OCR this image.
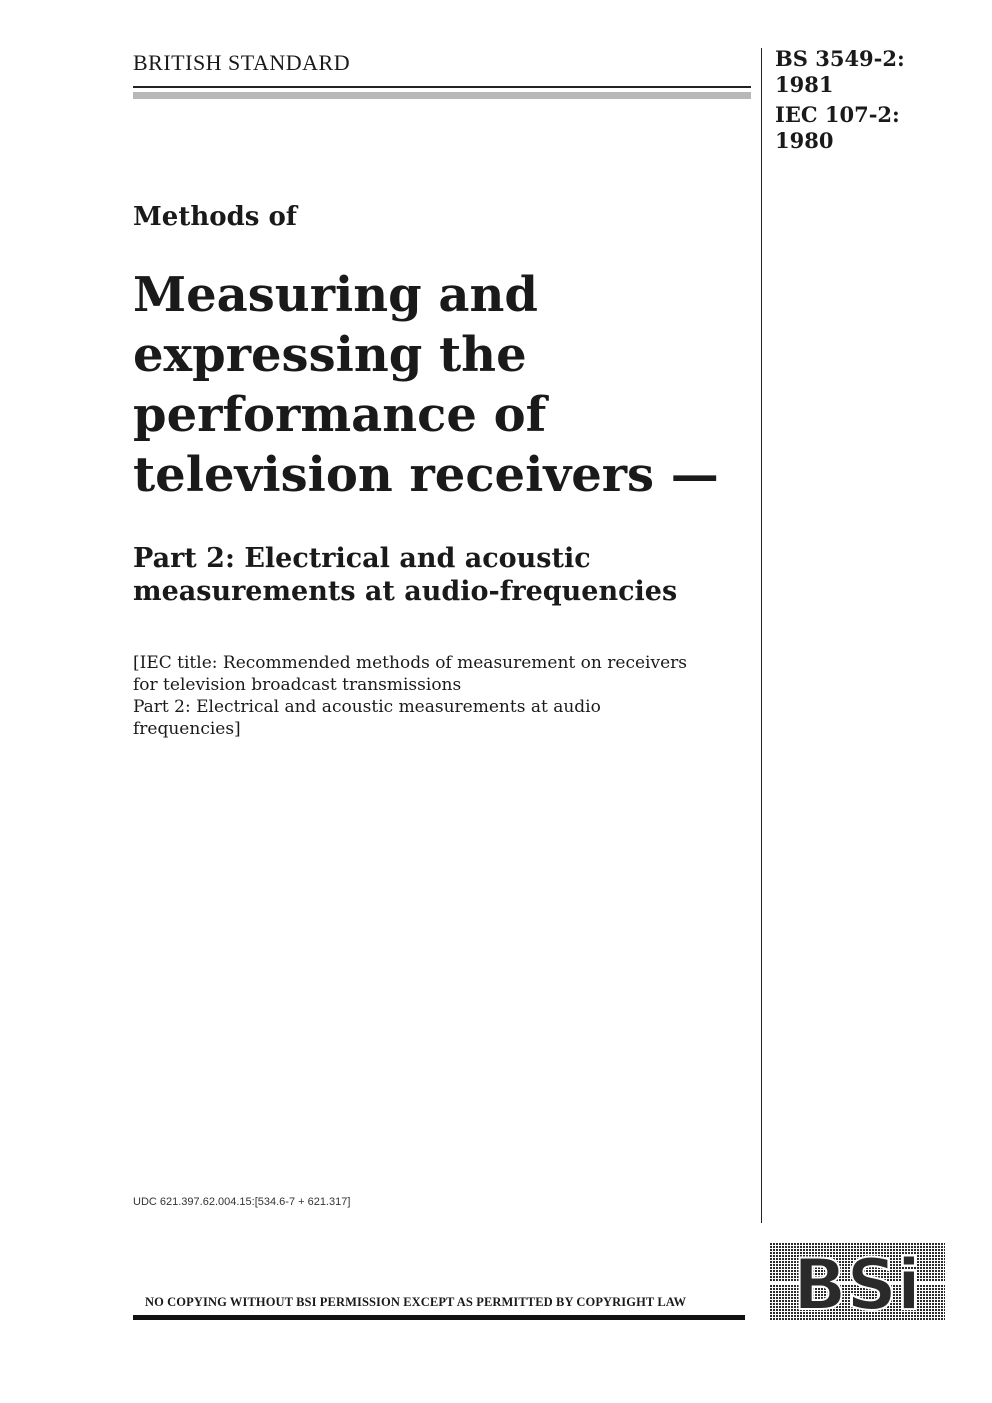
BRITISH STANDARD	BS 3549-2:
1981
IEC 107-2:
1980
Methods of
Measuring and expressing the performance of television receivers —
Part 2: Electrical and acoustic measurements at audio-frequencies
[IEC title: Recommended methods of measurement on receivers
for television broadcast transmissions
Part 2: Electrical and acoustic measurements at audio
frequencies]
UDC 621.397.62.004.15:[534.6-7 + 621.317]
NO COPYING WITHOUT BSI PERMISSION EXCEPT AS PERMITTED BY COPYRIGHT LAW BSi
